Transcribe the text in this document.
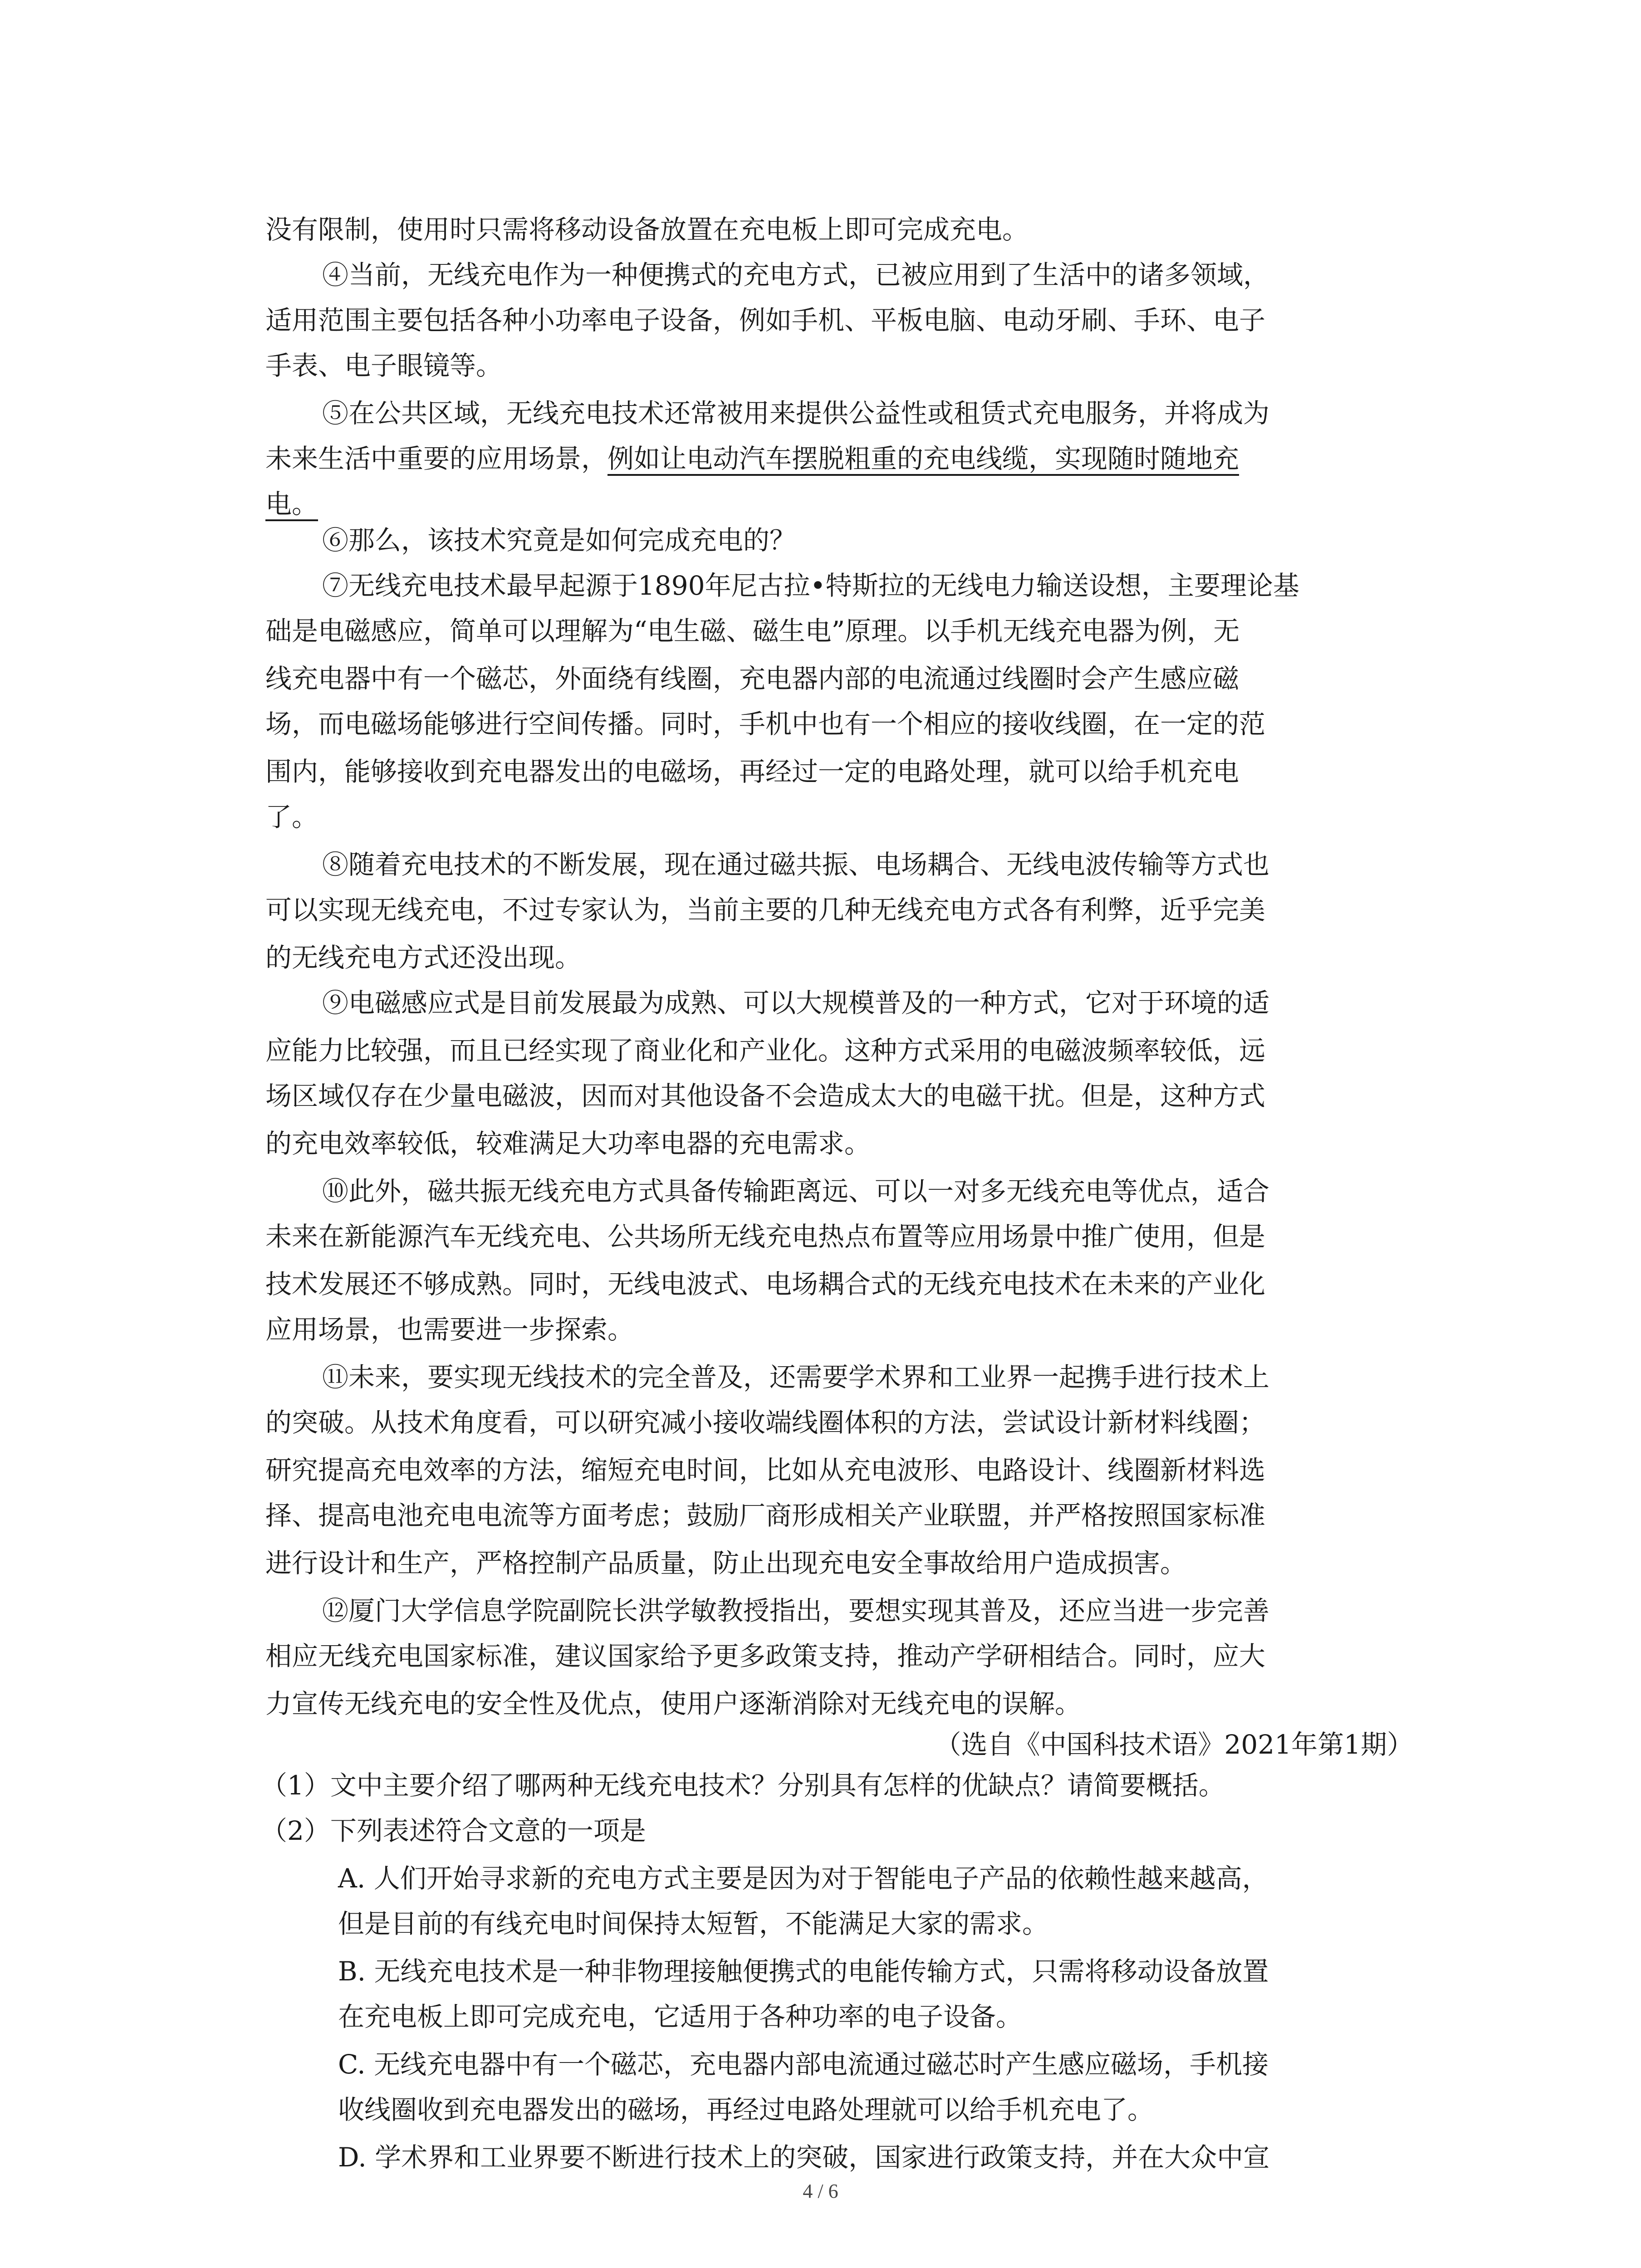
没有限制，使用时只需将移动设备放置在充电板上即可完成充电。
④当前，无线充电作为一种便携式的充电方式，已被应用到了生活中的诸多领域，
适用范围主要包括各种小功率电子设备，例如手机、平板电脑、电动牙刷、手环、电子
手表、电子眼镜等。
⑤在公共区域，无线充电技术还常被用来提供公益性或租赁式充电服务，并将成为
未来生活中重要的应用场景，例如让电动汽车摆脱粗重的充电线缆，实现随时随地充
电。
⑥那么，该技术究竟是如何完成充电的？
⑦无线充电技术最早起源于1890年尼古拉•特斯拉的无线电力输送设想，主要理论基
础是电磁感应，简单可以理解为“电生磁、磁生电”原理。以手机无线充电器为例，无
线充电器中有一个磁芯，外面绕有线圈，充电器内部的电流通过线圈时会产生感应磁
场，而电磁场能够进行空间传播。同时，手机中也有一个相应的接收线圈，在一定的范
围内，能够接收到充电器发出的电磁场，再经过一定的电路处理，就可以给手机充电
了。
⑧随着充电技术的不断发展，现在通过磁共振、电场耦合、无线电波传输等方式也
可以实现无线充电，不过专家认为，当前主要的几种无线充电方式各有利弊，近乎完美
的无线充电方式还没出现。
⑨电磁感应式是目前发展最为成熟、可以大规模普及的一种方式，它对于环境的适
应能力比较强，而且已经实现了商业化和产业化。这种方式采用的电磁波频率较低，远
场区域仅存在少量电磁波，因而对其他设备不会造成太大的电磁干扰。但是，这种方式
的充电效率较低，较难满足大功率电器的充电需求。
⑩此外，磁共振无线充电方式具备传输距离远、可以一对多无线充电等优点，适合
未来在新能源汽车无线充电、公共场所无线充电热点布置等应用场景中推广使用，但是
技术发展还不够成熟。同时，无线电波式、电场耦合式的无线充电技术在未来的产业化
应用场景，也需要进一步探索。
⑪未来，要实现无线技术的完全普及，还需要学术界和工业界一起携手进行技术上
的突破。从技术角度看，可以研究减小接收端线圈体积的方法，尝试设计新材料线圈；
研究提高充电效率的方法，缩短充电时间，比如从充电波形、电路设计、线圈新材料选
择、提高电池充电电流等方面考虑；鼓励厂商形成相关产业联盟，并严格按照国家标准
进行设计和生产，严格控制产品质量，防止出现充电安全事故给用户造成损害。
⑫厦门大学信息学院副院长洪学敏教授指出，要想实现其普及，还应当进一步完善
相应无线充电国家标准，建议国家给予更多政策支持，推动产学研相结合。同时，应大
力宣传无线充电的安全性及优点，使用户逐渐消除对无线充电的误解。
（选自《中国科技术语》2021年第1期）
（1）文中主要介绍了哪两种无线充电技术？分别具有怎样的优缺点？请简要概括。
（2）下列表述符合文意的一项是
A. 人们开始寻求新的充电方式主要是因为对于智能电子产品的依赖性越来越高，
但是目前的有线充电时间保持太短暂，不能满足大家的需求。
B. 无线充电技术是一种非物理接触便携式的电能传输方式，只需将移动设备放置
在充电板上即可完成充电，它适用于各种功率的电子设备。
C. 无线充电器中有一个磁芯，充电器内部电流通过磁芯时产生感应磁场，手机接
收线圈收到充电器发出的磁场，再经过电路处理就可以给手机充电了。
D. 学术界和工业界要不断进行技术上的突破，国家进行政策支持，并在大众中宣
4 / 6
